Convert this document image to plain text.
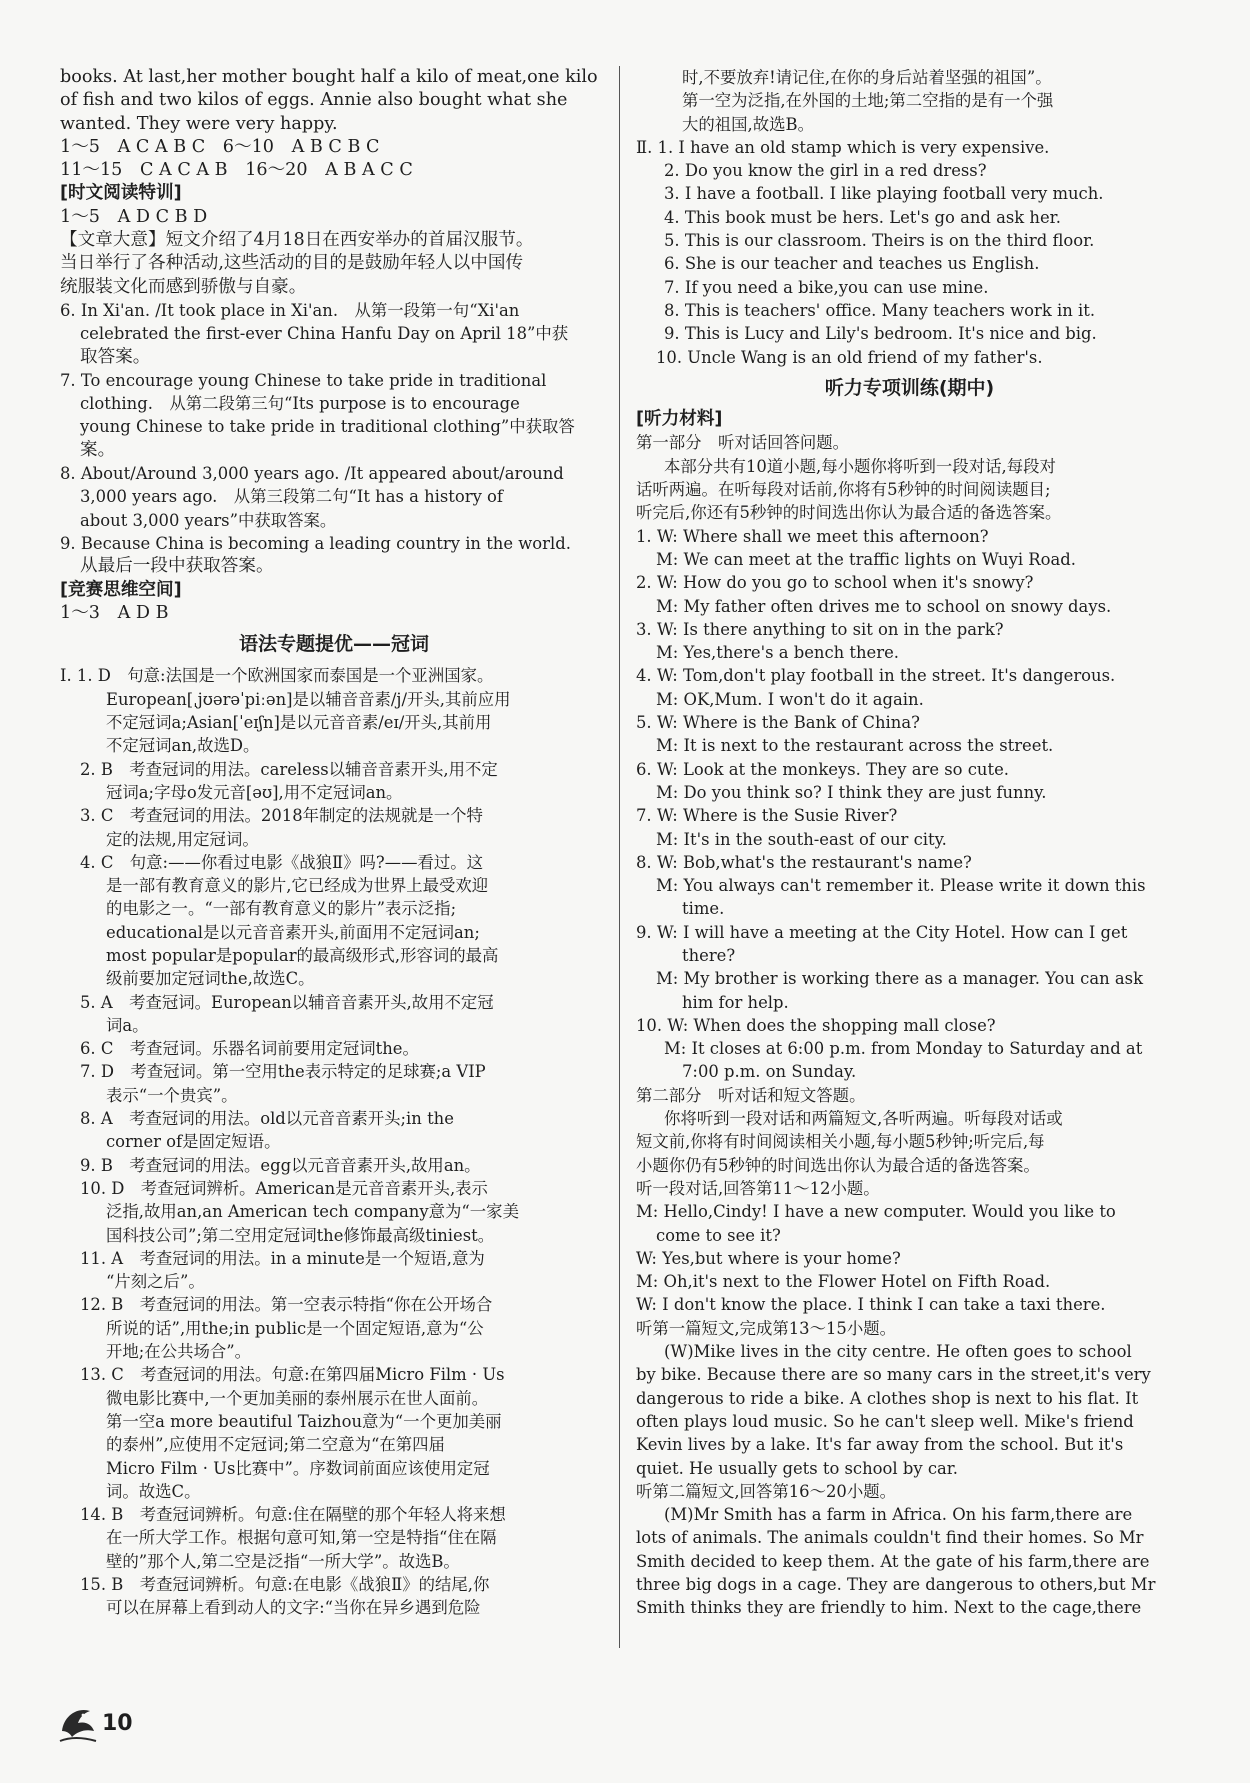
books. At last,her mother bought half a kilo of meat,one kilo

of fish and two kilos of eggs. Annie also bought what she

wanted. They were very happy.

1～5　A C A B C　6～10　A B C B C

11～15　C A C A B　16～20　A B A C C

[时文阅读特训]

1～5　A D C B D

【文章大意】短文介绍了4月18日在西安举办的首届汉服节。

当日举行了各种活动,这些活动的目的是鼓励年轻人以中国传

统服装文化而感到骄傲与自豪。

6. In Xi'an. /It took place in Xi'an.　从第一段第一句“Xi'an

celebrated the first-ever China Hanfu Day on April 18”中获

取答案。

7. To encourage young Chinese to take pride in traditional

clothing.　从第二段第三句“Its purpose is to encourage

young Chinese to take pride in traditional clothing”中获取答

案。

8. About/Around 3,000 years ago. /It appeared about/around

3,000 years ago.　从第三段第二句“It has a history of

about 3,000 years”中获取答案。

9. Because China is becoming a leading country in the world.

从最后一段中获取答案。

[竞赛思维空间]

1～3　A D B

语法专题提优——冠词

Ⅰ. 1. D　句意:法国是一个欧洲国家而泰国是一个亚洲国家。

European[ˌjʊərəˈpiːən]是以辅音音素/j/开头,其前应用

不定冠词a;Asian[ˈeɪʃn]是以元音音素/eɪ/开头,其前用

不定冠词an,故选D。

2. B　考查冠词的用法。careless以辅音音素开头,用不定

冠词a;字母o发元音[əʊ],用不定冠词an。

3. C　考查冠词的用法。2018年制定的法规就是一个特

定的法规,用定冠词。

4. C　句意:——你看过电影《战狼Ⅱ》吗?——看过。这

是一部有教育意义的影片,它已经成为世界上最受欢迎

的电影之一。“一部有教育意义的影片”表示泛指;

educational是以元音音素开头,前面用不定冠词an;

most popular是popular的最高级形式,形容词的最高

级前要加定冠词the,故选C。

5. A　考查冠词。European以辅音音素开头,故用不定冠

词a。

6. C　考查冠词。乐器名词前要用定冠词the。

7. D　考查冠词。第一空用the表示特定的足球赛;a VIP

表示“一个贵宾”。

8. A　考查冠词的用法。old以元音音素开头;in the

corner of是固定短语。

9. B　考查冠词的用法。egg以元音音素开头,故用an。

10. D　考查冠词辨析。American是元音音素开头,表示

泛指,故用an,an American tech company意为“一家美

国科技公司”;第二空用定冠词the修饰最高级tiniest。

11. A　考查冠词的用法。in a minute是一个短语,意为

“片刻之后”。

12. B　考查冠词的用法。第一空表示特指“你在公开场合

所说的话”,用the;in public是一个固定短语,意为“公

开地;在公共场合”。

13. C　考查冠词的用法。句意:在第四届Micro Film · Us

微电影比赛中,一个更加美丽的泰州展示在世人面前。

第一空a more beautiful Taizhou意为“一个更加美丽

的泰州”,应使用不定冠词;第二空意为“在第四届

Micro Film · Us比赛中”。序数词前面应该使用定冠

词。故选C。

14. B　考查冠词辨析。句意:住在隔壁的那个年轻人将来想

在一所大学工作。根据句意可知,第一空是特指“住在隔

壁的”那个人,第二空是泛指“一所大学”。故选B。

15. B　考查冠词辨析。句意:在电影《战狼Ⅱ》的结尾,你

可以在屏幕上看到动人的文字:“当你在异乡遇到危险

时,不要放弃!请记住,在你的身后站着坚强的祖国”。

第一空为泛指,在外国的土地;第二空指的是有一个强

大的祖国,故选B。

Ⅱ. 1. I have an old stamp which is very expensive.

2. Do you know the girl in a red dress?

3. I have a football. I like playing football very much.

4. This book must be hers. Let's go and ask her.

5. This is our classroom. Theirs is on the third floor.

6. She is our teacher and teaches us English.

7. If you need a bike,you can use mine.

8. This is teachers' office. Many teachers work in it.

9. This is Lucy and Lily's bedroom. It's nice and big.

10. Uncle Wang is an old friend of my father's.

听力专项训练(期中)

[听力材料]

第一部分　听对话回答问题。

本部分共有10道小题,每小题你将听到一段对话,每段对

话听两遍。在听每段对话前,你将有5秒钟的时间阅读题目;

听完后,你还有5秒钟的时间选出你认为最合适的备选答案。

1. W: Where shall we meet this afternoon?

M: We can meet at the traffic lights on Wuyi Road.

2. W: How do you go to school when it's snowy?

M: My father often drives me to school on snowy days.

3. W: Is there anything to sit on in the park?

M: Yes,there's a bench there.

4. W: Tom,don't play football in the street. It's dangerous.

M: OK,Mum. I won't do it again.

5. W: Where is the Bank of China?

M: It is next to the restaurant across the street.

6. W: Look at the monkeys. They are so cute.

M: Do you think so? I think they are just funny.

7. W: Where is the Susie River?

M: It's in the south-east of our city.

8. W: Bob,what's the restaurant's name?

M: You always can't remember it. Please write it down this

time.

9. W: I will have a meeting at the City Hotel. How can I get

there?

M: My brother is working there as a manager. You can ask

him for help.

10. W: When does the shopping mall close?

M: It closes at 6:00 p.m. from Monday to Saturday and at

7:00 p.m. on Sunday.

第二部分　听对话和短文答题。

你将听到一段对话和两篇短文,各听两遍。听每段对话或

短文前,你将有时间阅读相关小题,每小题5秒钟;听完后,每

小题你仍有5秒钟的时间选出你认为最合适的备选答案。

听一段对话,回答第11～12小题。

M: Hello,Cindy! I have a new computer. Would you like to

come to see it?

W: Yes,but where is your home?

M: Oh,it's next to the Flower Hotel on Fifth Road.

W: I don't know the place. I think I can take a taxi there.

听第一篇短文,完成第13～15小题。

(W)Mike lives in the city centre. He often goes to school

by bike. Because there are so many cars in the street,it's very

dangerous to ride a bike. A clothes shop is next to his flat. It

often plays loud music. So he can't sleep well. Mike's friend

Kevin lives by a lake. It's far away from the school. But it's

quiet. He usually gets to school by car.

听第二篇短文,回答第16～20小题。

(M)Mr Smith has a farm in Africa. On his farm,there are

lots of animals. The animals couldn't find their homes. So Mr

Smith decided to keep them. At the gate of his farm,there are

three big dogs in a cage. They are dangerous to others,but Mr

Smith thinks they are friendly to him. Next to the cage,there

10
